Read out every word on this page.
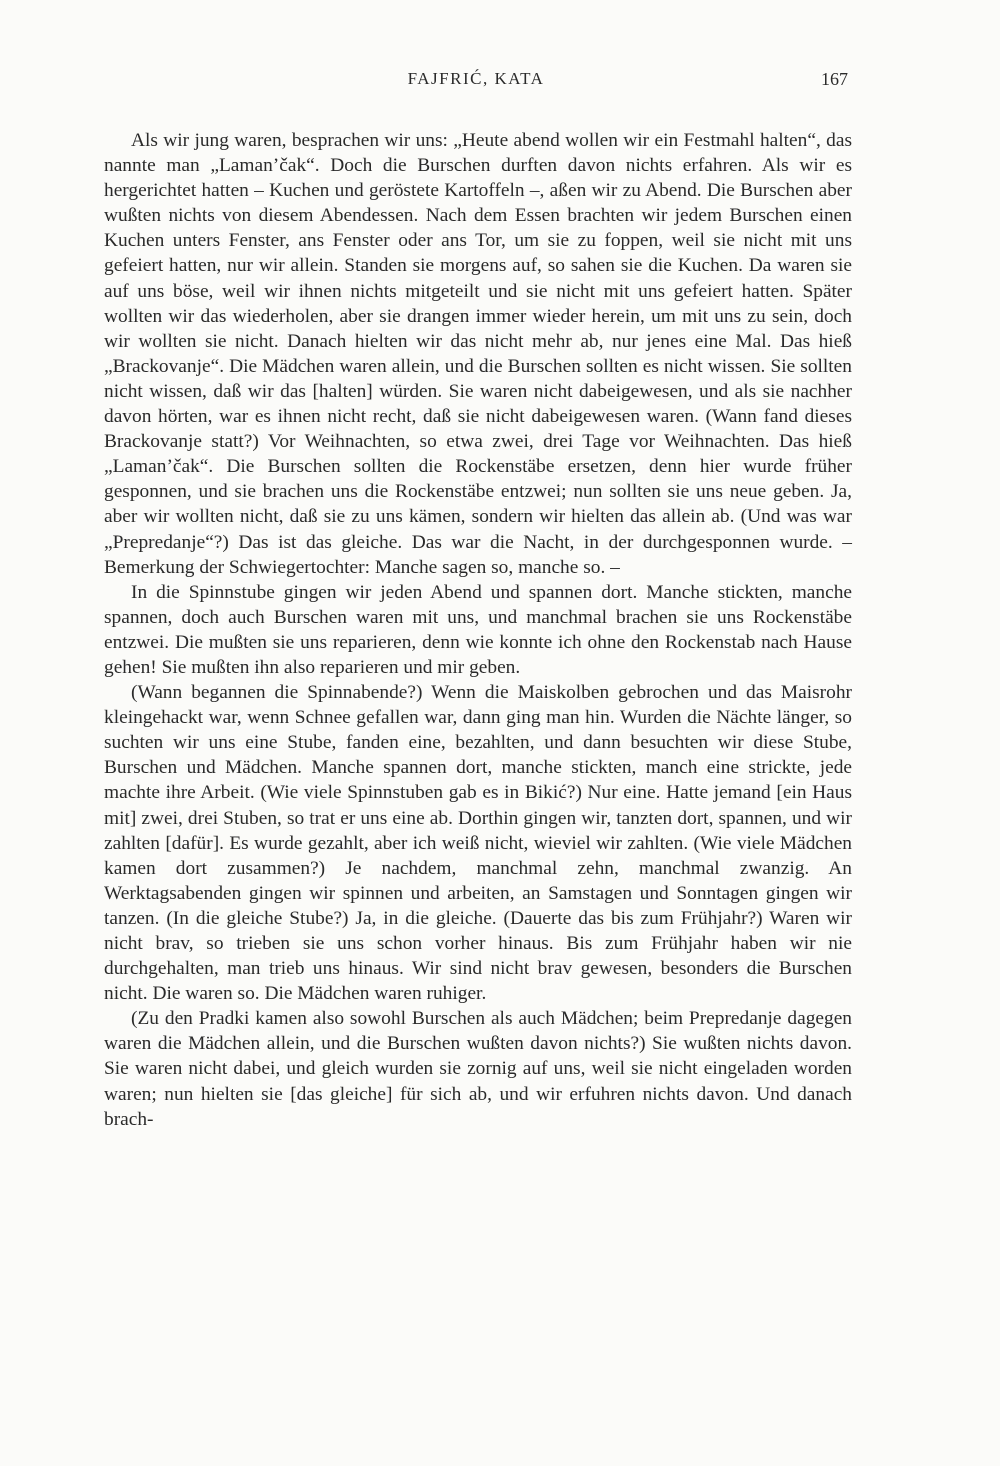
FAJFRIĆ, KATA	167

Als wir jung waren, besprachen wir uns: „Heute abend wollen wir ein Festmahl halten“, das nannte man „Laman’čak“. Doch die Burschen durften davon nichts erfahren. Als wir es hergerichtet hatten – Kuchen und geröstete Kartoffeln –, aßen wir zu Abend. Die Burschen aber wußten nichts von diesem Abendessen. Nach dem Essen brachten wir jedem Burschen einen Kuchen unters Fenster, ans Fenster oder ans Tor, um sie zu foppen, weil sie nicht mit uns gefeiert hatten, nur wir allein. Standen sie morgens auf, so sahen sie die Kuchen. Da waren sie auf uns böse, weil wir ihnen nichts mitgeteilt und sie nicht mit uns gefeiert hatten. Später wollten wir das wiederholen, aber sie drangen immer wieder herein, um mit uns zu sein, doch wir wollten sie nicht. Danach hielten wir das nicht mehr ab, nur jenes eine Mal. Das hieß „Brackovanje“. Die Mädchen waren allein, und die Burschen sollten es nicht wissen. Sie sollten nicht wissen, daß wir das [halten] würden. Sie waren nicht dabeigewesen, und als sie nachher davon hörten, war es ihnen nicht recht, daß sie nicht dabeigewesen waren. (Wann fand dieses Brackovanje statt?) Vor Weihnachten, so etwa zwei, drei Tage vor Weihnachten. Das hieß „Laman’čak“. Die Burschen sollten die Rockenstäbe ersetzen, denn hier wurde früher gesponnen, und sie brachen uns die Rockenstäbe entzwei; nun sollten sie uns neue geben. Ja, aber wir wollten nicht, daß sie zu uns kämen, sondern wir hielten das allein ab. (Und was war „Prepredanje“?) Das ist das gleiche. Das war die Nacht, in der durchgesponnen wurde. – Bemerkung der Schwiegertochter: Manche sagen so, manche so. –

In die Spinnstube gingen wir jeden Abend und spannen dort. Manche stickten, manche spannen, doch auch Burschen waren mit uns, und manchmal brachen sie uns Rockenstäbe entzwei. Die mußten sie uns reparieren, denn wie konnte ich ohne den Rockenstab nach Hause gehen! Sie mußten ihn also reparieren und mir geben.

(Wann begannen die Spinnabende?) Wenn die Maiskolben gebrochen und das Maisrohr kleingehackt war, wenn Schnee gefallen war, dann ging man hin. Wurden die Nächte länger, so suchten wir uns eine Stube, fanden eine, bezahlten, und dann besuchten wir diese Stube, Burschen und Mädchen. Manche spannen dort, manche stickten, manch eine strickte, jede machte ihre Arbeit. (Wie viele Spinnstuben gab es in Bikić?) Nur eine. Hatte jemand [ein Haus mit] zwei, drei Stuben, so trat er uns eine ab. Dorthin gingen wir, tanzten dort, spannen, und wir zahlten [dafür]. Es wurde gezahlt, aber ich weiß nicht, wieviel wir zahlten. (Wie viele Mädchen kamen dort zusammen?) Je nachdem, manchmal zehn, manchmal zwanzig. An Werktagsabenden gingen wir spinnen und arbeiten, an Samstagen und Sonntagen gingen wir tanzen. (In die gleiche Stube?) Ja, in die gleiche. (Dauerte das bis zum Frühjahr?) Waren wir nicht brav, so trieben sie uns schon vorher hinaus. Bis zum Frühjahr haben wir nie durchgehalten, man trieb uns hinaus. Wir sind nicht brav gewesen, besonders die Burschen nicht. Die waren so. Die Mädchen waren ruhiger.

(Zu den Pradki kamen also sowohl Burschen als auch Mädchen; beim Prepredanje dagegen waren die Mädchen allein, und die Burschen wußten davon nichts?) Sie wußten nichts davon. Sie waren nicht dabei, und gleich wurden sie zornig auf uns, weil sie nicht eingeladen worden waren; nun hielten sie [das gleiche] für sich ab, und wir erfuhren nichts davon. Und danach brach-
